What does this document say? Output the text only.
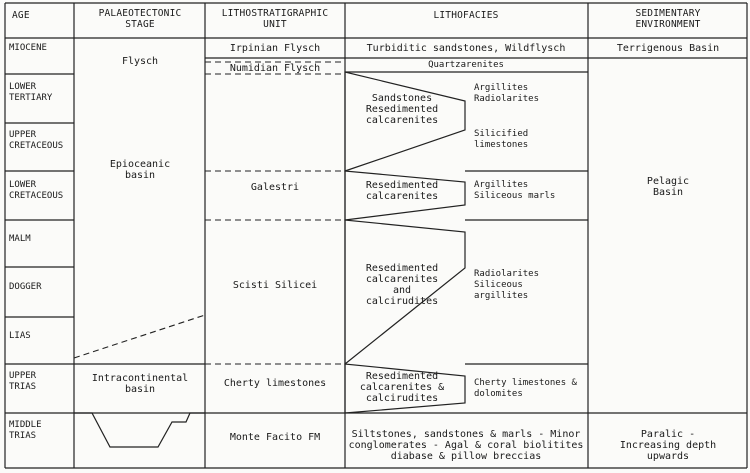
AGE	PALAEOTECTONIC
STAGE
LITHOSTRATIGRAPHIC
UNIT
LITHOFACIES	SEDIMENTARY
ENVIRONMENT
MIOCENE
LOWER
TERTIARY
UPPER
CRETACEOUS
LOWER
CRETACEOUS
MALM
DOGGER
LIAS
UPPER
TRIAS
MIDDLE
TRIAS
Flysch
Epioceanic
basin
Intracontinental
basin
Irpinian Flysch
Numidian Flysch
Galestri
Scisti Silicei
Cherty limestones
Monte Facito FM
Turbiditic sandstones, Wildflysch
Quartzarenites
Sandstones
Resedimented
calcarenites
Argillites
Radiolarites
Silicified
limestones
Resedimented
calcarenites
Argillites
Siliceous marls
Resedimented
calcarenites
and
calcirudites
Radiolarites
Siliceous
argillites
Resedimented
calcarenites &
calcirudites
Cherty limestones &
dolomites
Siltstones, sandstones & marls - Minor
conglomerates - Agal & coral biolitites
diabase & pillow breccias
Terrigenous Basin
Pelagic
Basin
Paralic -
Increasing depth
upwards
